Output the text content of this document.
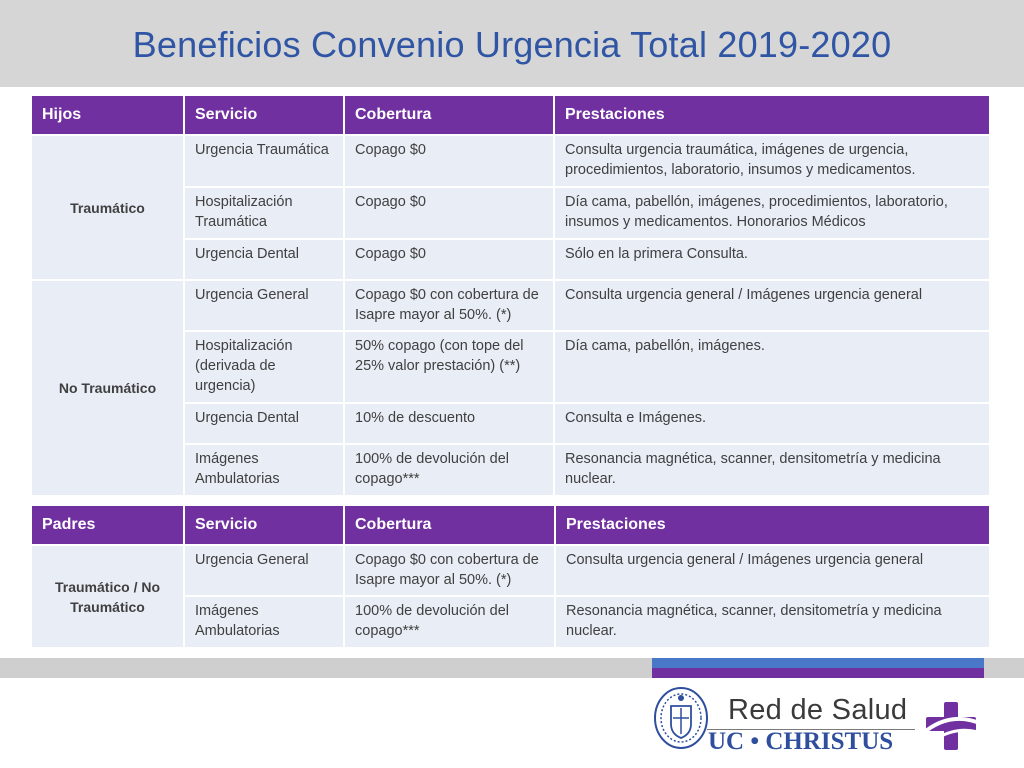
Beneficios Convenio Urgencia Total 2019-2020
Hijos	Servicio	Cobertura	Prestaciones
Traumático	Urgencia Traumática	Copago $0	Consulta urgencia traumática, imágenes de urgencia, procedimientos, laboratorio, insumos y medicamentos.
	Hospitalización Traumática	Copago $0	Día cama, pabellón, imágenes, procedimientos, laboratorio, insumos y medicamentos. Honorarios Médicos
	Urgencia Dental	Copago $0	Sólo en la primera Consulta.
No Traumático	Urgencia General	Copago $0 con cobertura de Isapre mayor al 50%. (*)	Consulta urgencia general / Imágenes urgencia general
	Hospitalización (derivada de urgencia)	50% copago (con tope del 25% valor prestación) (**)	Día cama, pabellón, imágenes.
	Urgencia Dental	10% de descuento	Consulta e Imágenes.
	Imágenes Ambulatorias	100% de devolución del copago***	Resonancia magnética, scanner, densitometría y medicina nuclear.
Padres	Servicio	Cobertura	Prestaciones
Traumático / No Traumático	Urgencia General	Copago $0 con cobertura de Isapre mayor al 50%. (*)	Consulta urgencia general / Imágenes urgencia general
	Imágenes Ambulatorias	100% de devolución del copago***	Resonancia magnética, scanner, densitometría y medicina nuclear.
Red de Salud
UC • CHRISTUS
